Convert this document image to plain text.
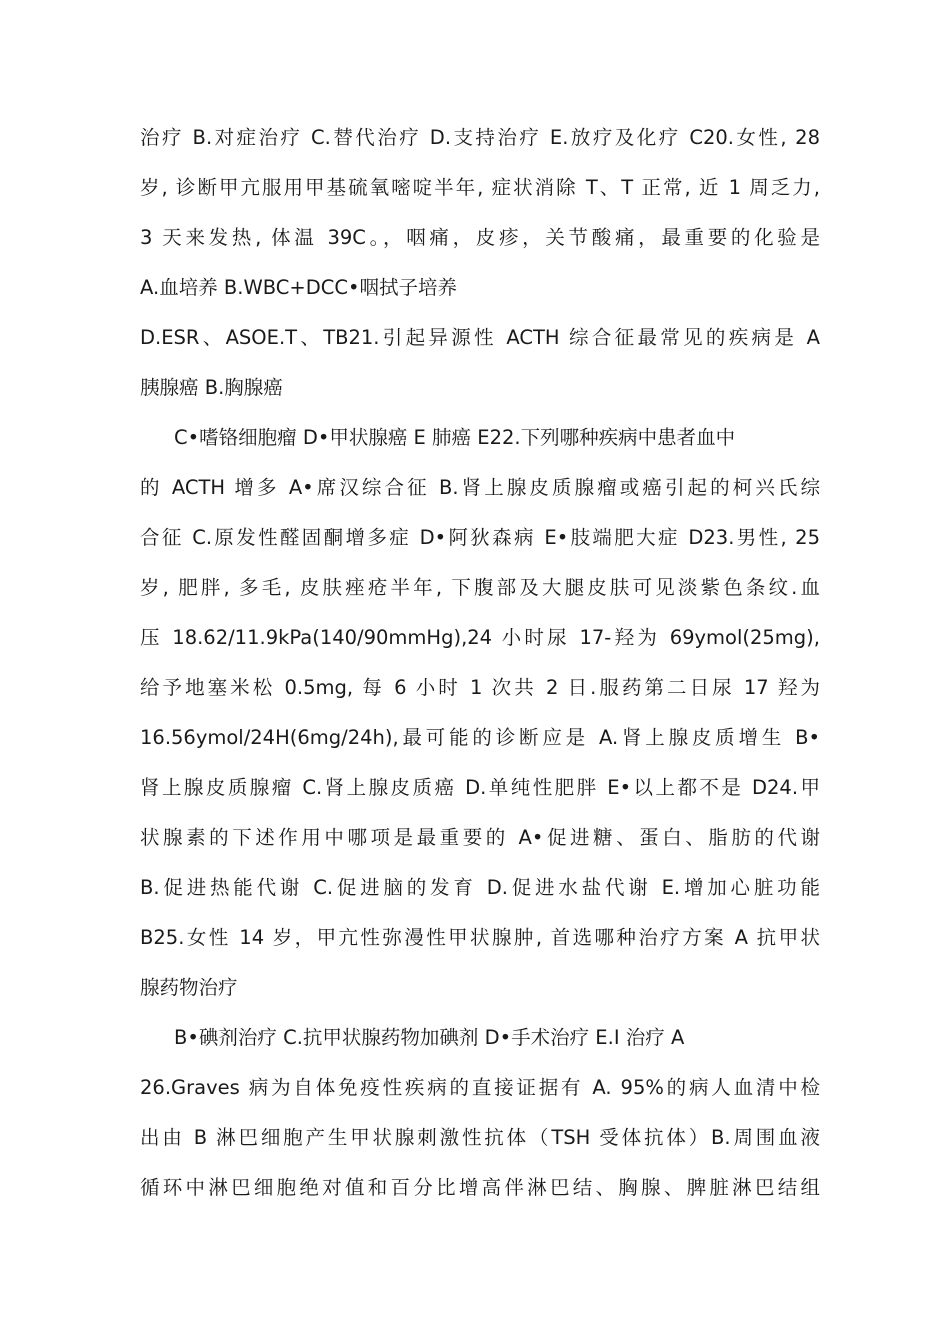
治疗 B.对症治疗 C.替代治疗 D.支持治疗 E.放疗及化疗 C20.女性, 28
岁, 诊断甲亢服用甲基硫氧嘧啶半年, 症状消除 T、T 正常, 近 1 周乏力,
3 天来发热, 体温 39C。，咽痛，皮疹，关节酸痛，最重要的化验是
A.血培养 B.WBC+DCC•咽拭子培养
D.ESR、ASOE.T、TB21.引起异源性 ACTH 综合征最常见的疾病是 A
胰腺癌 B.胸腺癌
C•嗜铬细胞瘤 D•甲状腺癌 E 肺癌 E22.下列哪种疾病中患者血中
的 ACTH 增多 A•席汉综合征 B.肾上腺皮质腺瘤或癌引起的柯兴氏综
合征 C.原发性醛固酮增多症 D•阿狄森病 E•肢端肥大症 D23.男性, 25
岁, 肥胖, 多毛, 皮肤痤疮半年, 下腹部及大腿皮肤可见淡紫色条纹.血
压 18.62/11.9kPa(140/90mmHg),24 小时尿 17-羟为 69ymol(25mg),
给予地塞米松 0.5mg, 每 6 小时 1 次共 2 日.服药第二日尿 17 羟为
16.56ymol/24H(6mg/24h),最可能的诊断应是 A.肾上腺皮质增生 B•
肾上腺皮质腺瘤 C.肾上腺皮质癌 D.单纯性肥胖 E•以上都不是 D24.甲
状腺素的下述作用中哪项是最重要的 A•促进糖、蛋白、脂肪的代谢
B.促进热能代谢 C.促进脑的发育 D.促进水盐代谢 E.增加心脏功能
B25.女性 14 岁，甲亢性弥漫性甲状腺肿, 首选哪种治疗方案 A 抗甲状
腺药物治疗
B•碘剂治疗 C.抗甲状腺药物加碘剂 D•手术治疗 E.I 治疗 A
26.Graves 病为自体免疫性疾病的直接证据有 A. 95%的病人血清中检
出由 B 淋巴细胞产生甲状腺刺激性抗体（TSH 受体抗体）B.周围血液
循环中淋巴细胞绝对值和百分比增高伴淋巴结、胸腺、脾脏淋巴结组
